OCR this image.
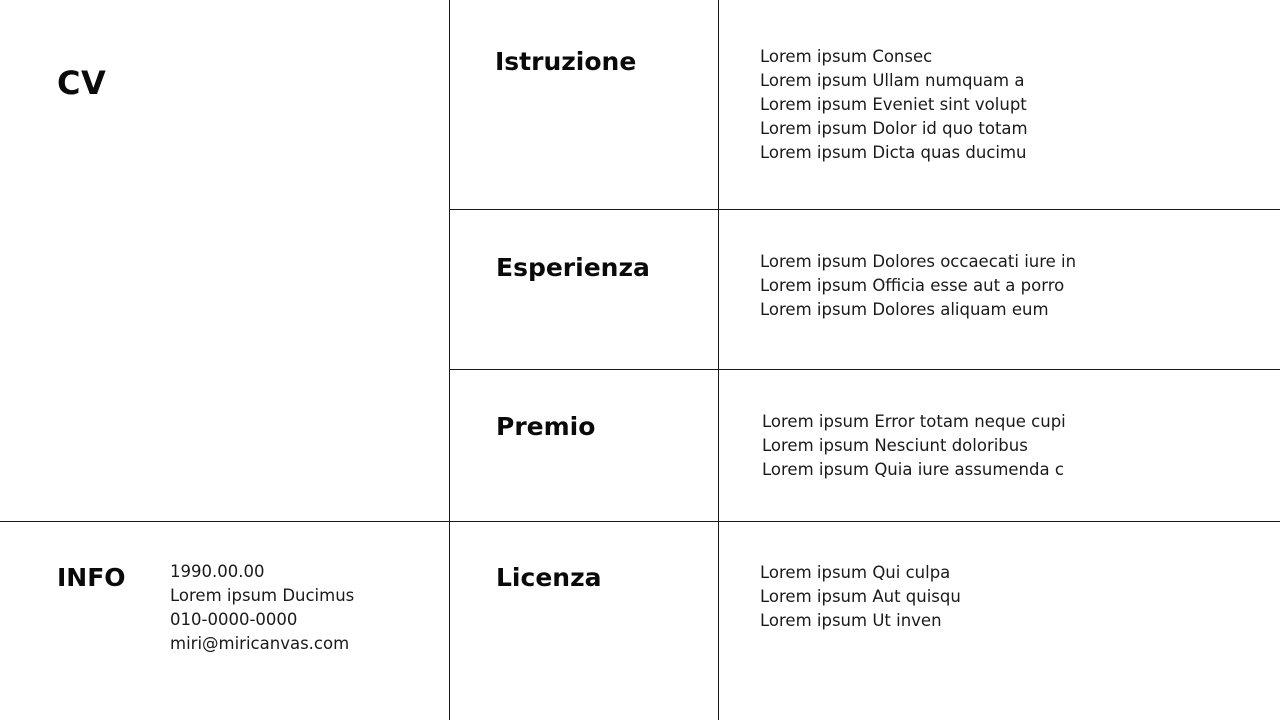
CV
Istruzione	Lorem ipsum Consec
Lorem ipsum Ullam numquam a
Lorem ipsum Eveniet sint volupt
Lorem ipsum Dolor id quo totam
Lorem ipsum Dicta quas ducimu
Esperienza	Lorem ipsum Dolores occaecati iure in
Lorem ipsum Officia esse aut a porro
Lorem ipsum Dolores aliquam eum
Premio	Lorem ipsum Error totam neque cupi
Lorem ipsum Nesciunt doloribus
Lorem ipsum Quia iure assumenda c
Licenza	Lorem ipsum Qui culpa
Lorem ipsum Aut quisqu
Lorem ipsum Ut inven
INFO	1990.00.00
Lorem ipsum Ducimus
010-0000-0000
miri@miricanvas.com
